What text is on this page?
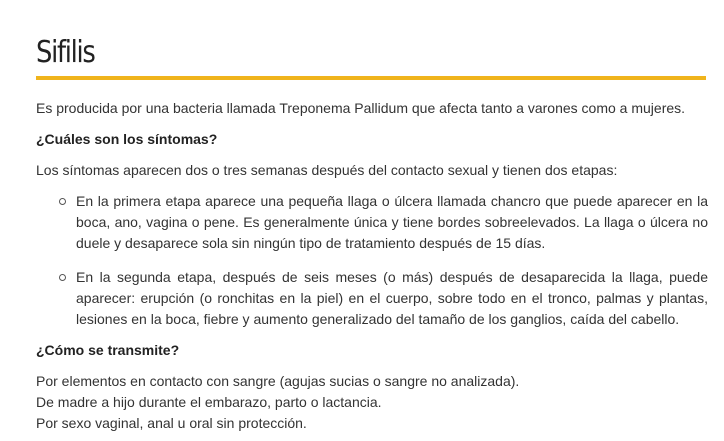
Sifilis

Es producida por una bacteria llamada Treponema Pallidum que afecta tanto a varones como a mujeres.

¿Cuáles son los síntomas?

Los síntomas aparecen dos o tres semanas después del contacto sexual y tienen dos etapas:

En la primera etapa aparece una pequeña llaga o úlcera llamada chancro que puede aparecer en la boca, ano, vagina o pene. Es generalmente única y tiene bordes sobreelevados. La llaga o úlcera no duele y desaparece sola sin ningún tipo de tratamiento después de 15 días.
En la segunda etapa, después de seis meses (o más) después de desaparecida la llaga, puede aparecer: erupción (o ronchitas en la piel) en el cuerpo, sobre todo en el tronco, palmas y plantas, lesiones en la boca, fiebre y aumento generalizado del tamaño de los ganglios, caída del cabello.

¿Cómo se transmite?

Por elementos en contacto con sangre (agujas sucias o sangre no analizada).

De madre a hijo durante el embarazo, parto o lactancia.

Por sexo vaginal, anal u oral sin protección.
